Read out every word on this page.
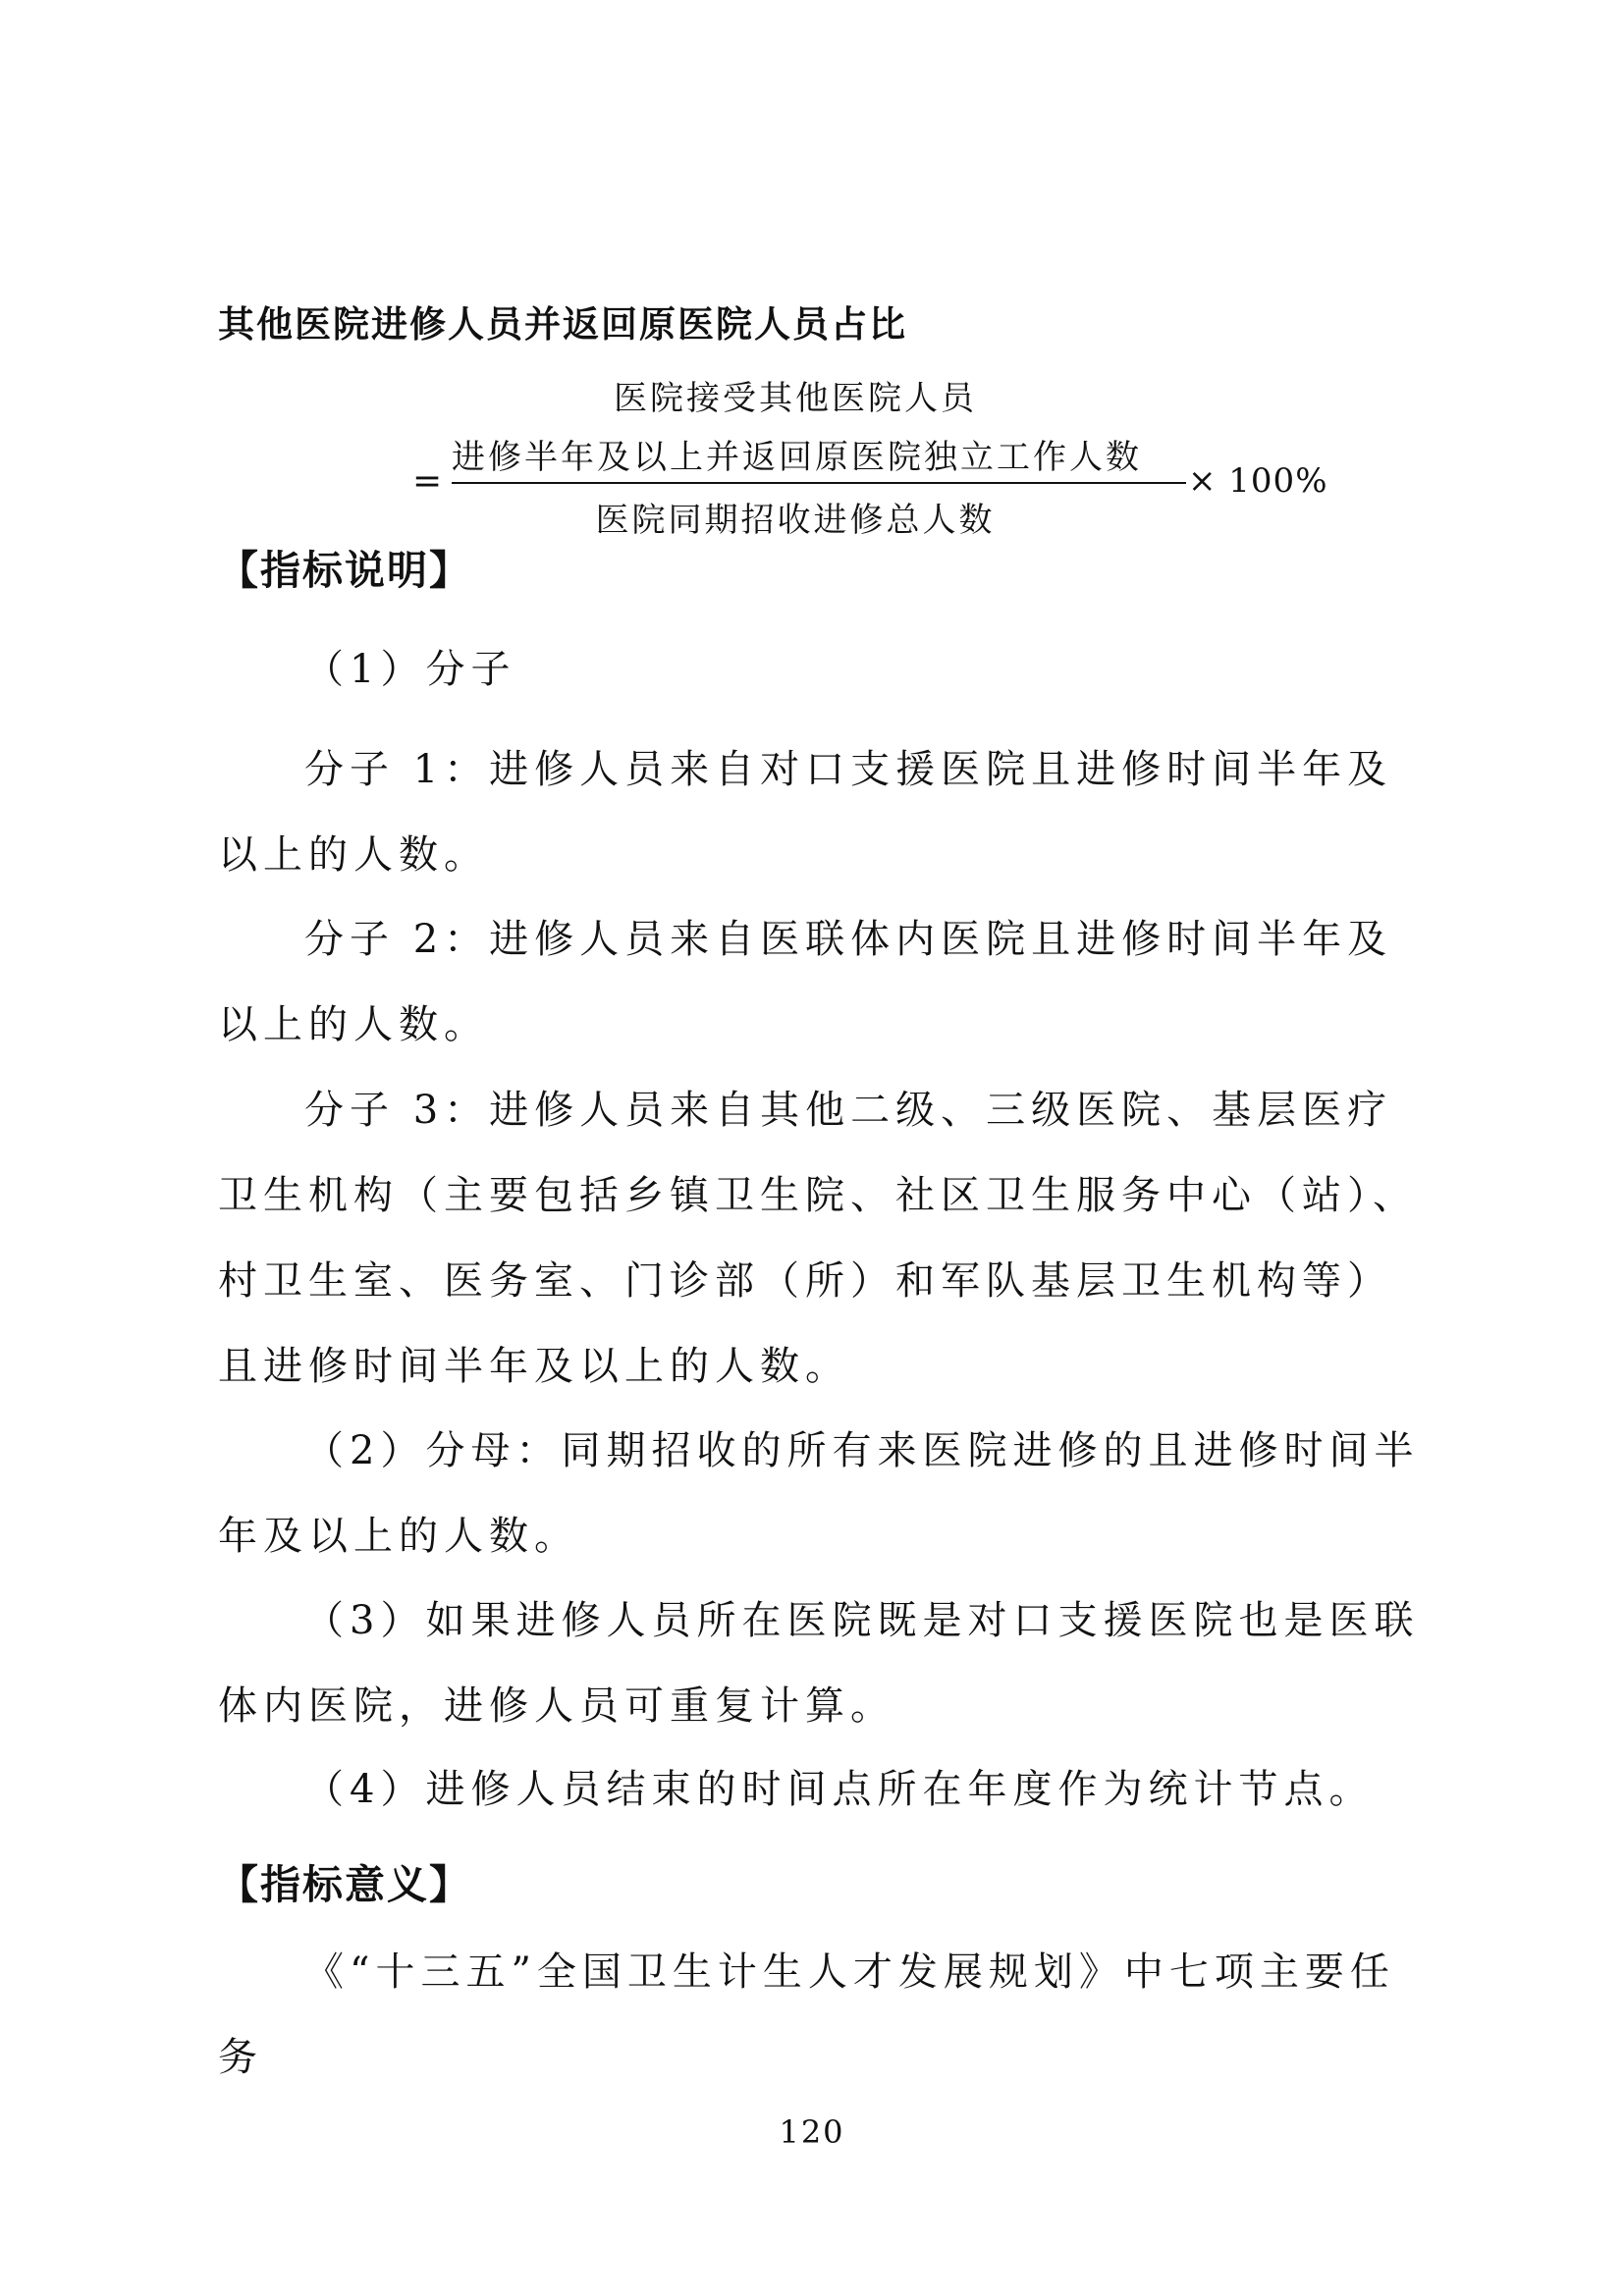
其他医院进修人员并返回原医院人员占比
=
医院接受其他医院人员
进修半年及以上并返回原医院独立工作人数
医院同期招收进修总人数
× 100%
【指标说明】
（1）分子
分子 1：进修人员来自对口支援医院且进修时间半年及以上的人数。
分子 2：进修人员来自医联体内医院且进修时间半年及以上的人数。
分子 3：进修人员来自其他二级、三级医院、基层医疗卫生机构（主要包括乡镇卫生院、社区卫生服务中心（站）、村卫生室、医务室、门诊部（所）和军队基层卫生机构等）且进修时间半年及以上的人数。
（2）分母：同期招收的所有来医院进修的且进修时间半年及以上的人数。
（3）如果进修人员所在医院既是对口支援医院也是医联体内医院，进修人员可重复计算。
（4）进修人员结束的时间点所在年度作为统计节点。
【指标意义】
《“十三五”全国卫生计生人才发展规划》中七项主要任务
120
